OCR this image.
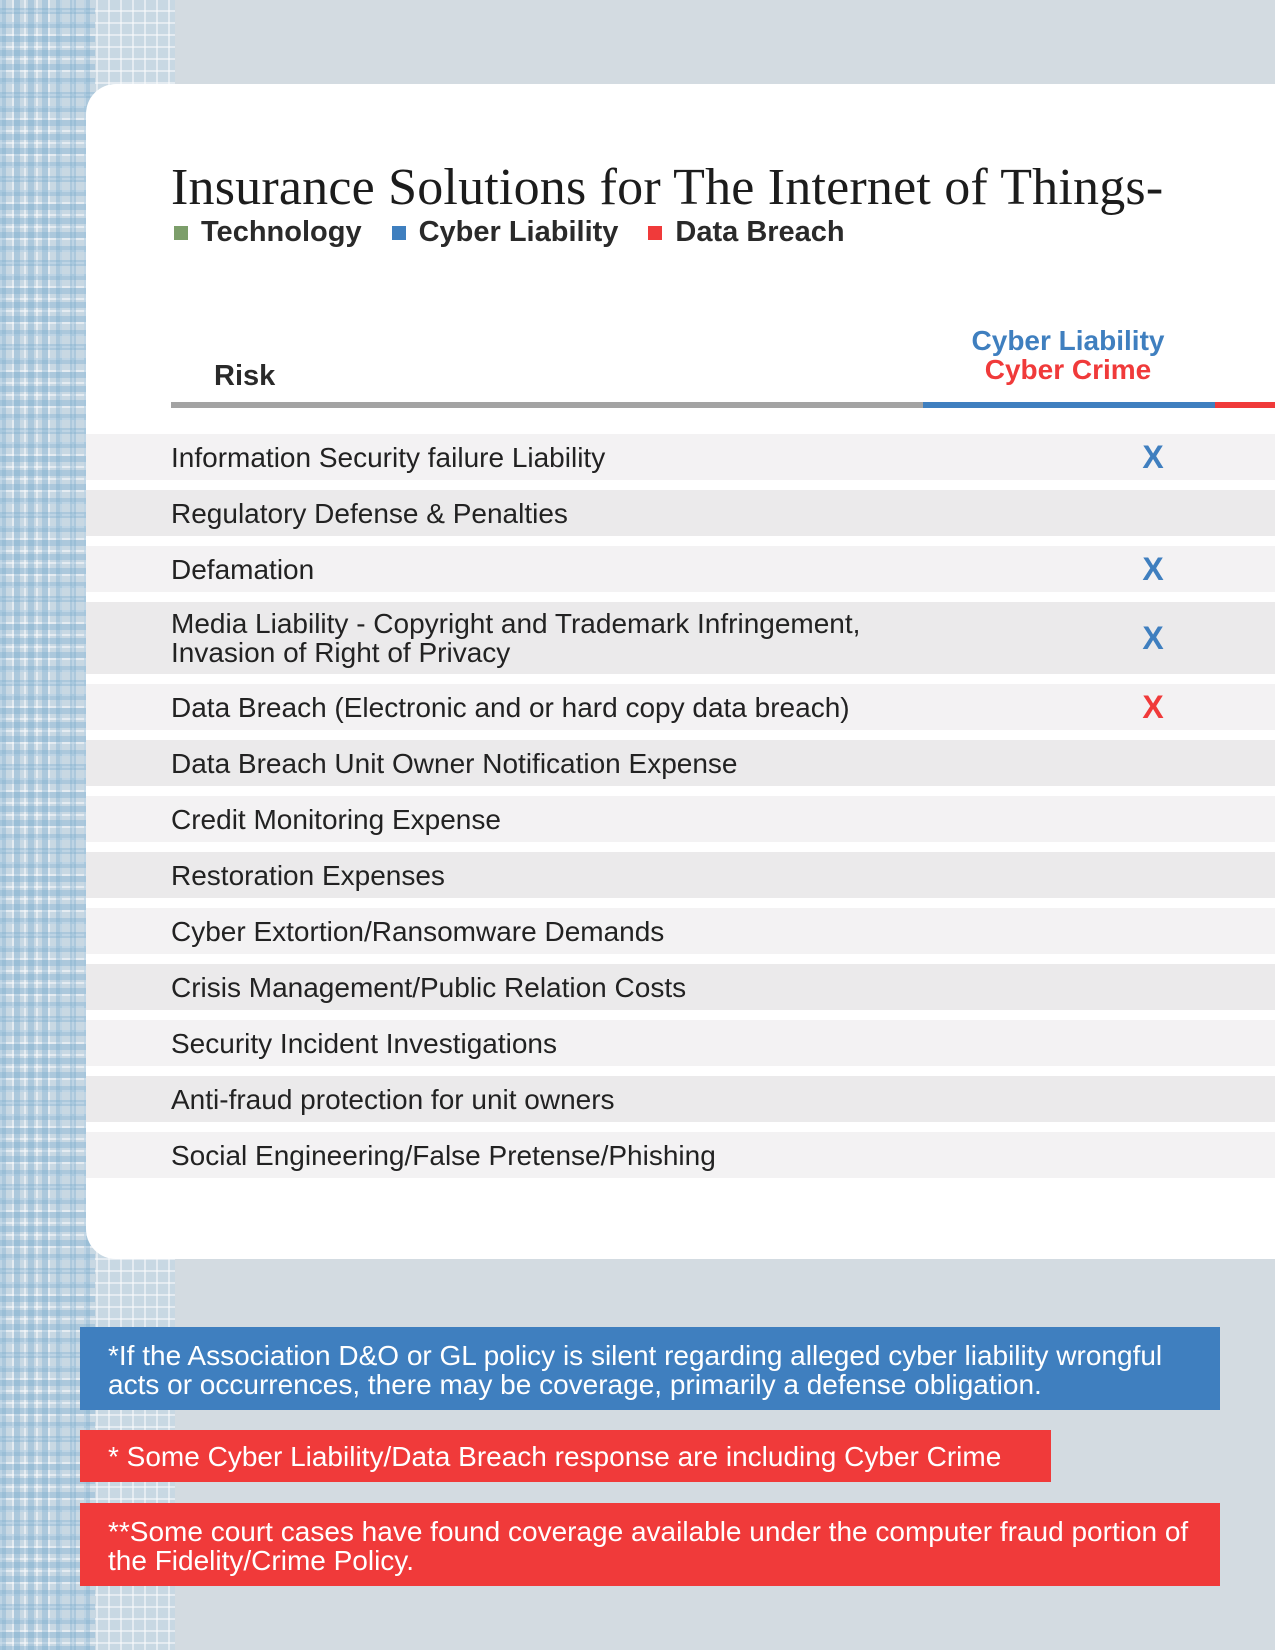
Insurance Solutions for The Internet of Things-
Technology Cyber Liability Data Breach
Risk
Cyber Liability
Cyber Crime
Information Security failure Liability	X
Regulatory Defense & Penalties
Defamation	X
Media Liability - Copyright and Trademark Infringement,
Invasion of Right of Privacy	X
Data Breach (Electronic and or hard copy data breach)	X
Data Breach Unit Owner Notification Expense
Credit Monitoring Expense
Restoration Expenses
Cyber Extortion/Ransomware Demands
Crisis Management/Public Relation Costs
Security Incident Investigations
Anti-fraud protection for unit owners
Social Engineering/False Pretense/Phishing
*If the Association D&O or GL policy is silent regarding alleged cyber liability wrongful acts or occurrences, there may be coverage, primarily a defense obligation.
* Some Cyber Liability/Data Breach response are including Cyber Crime
**Some court cases have found coverage available under the computer fraud portion of the Fidelity/Crime Policy.
